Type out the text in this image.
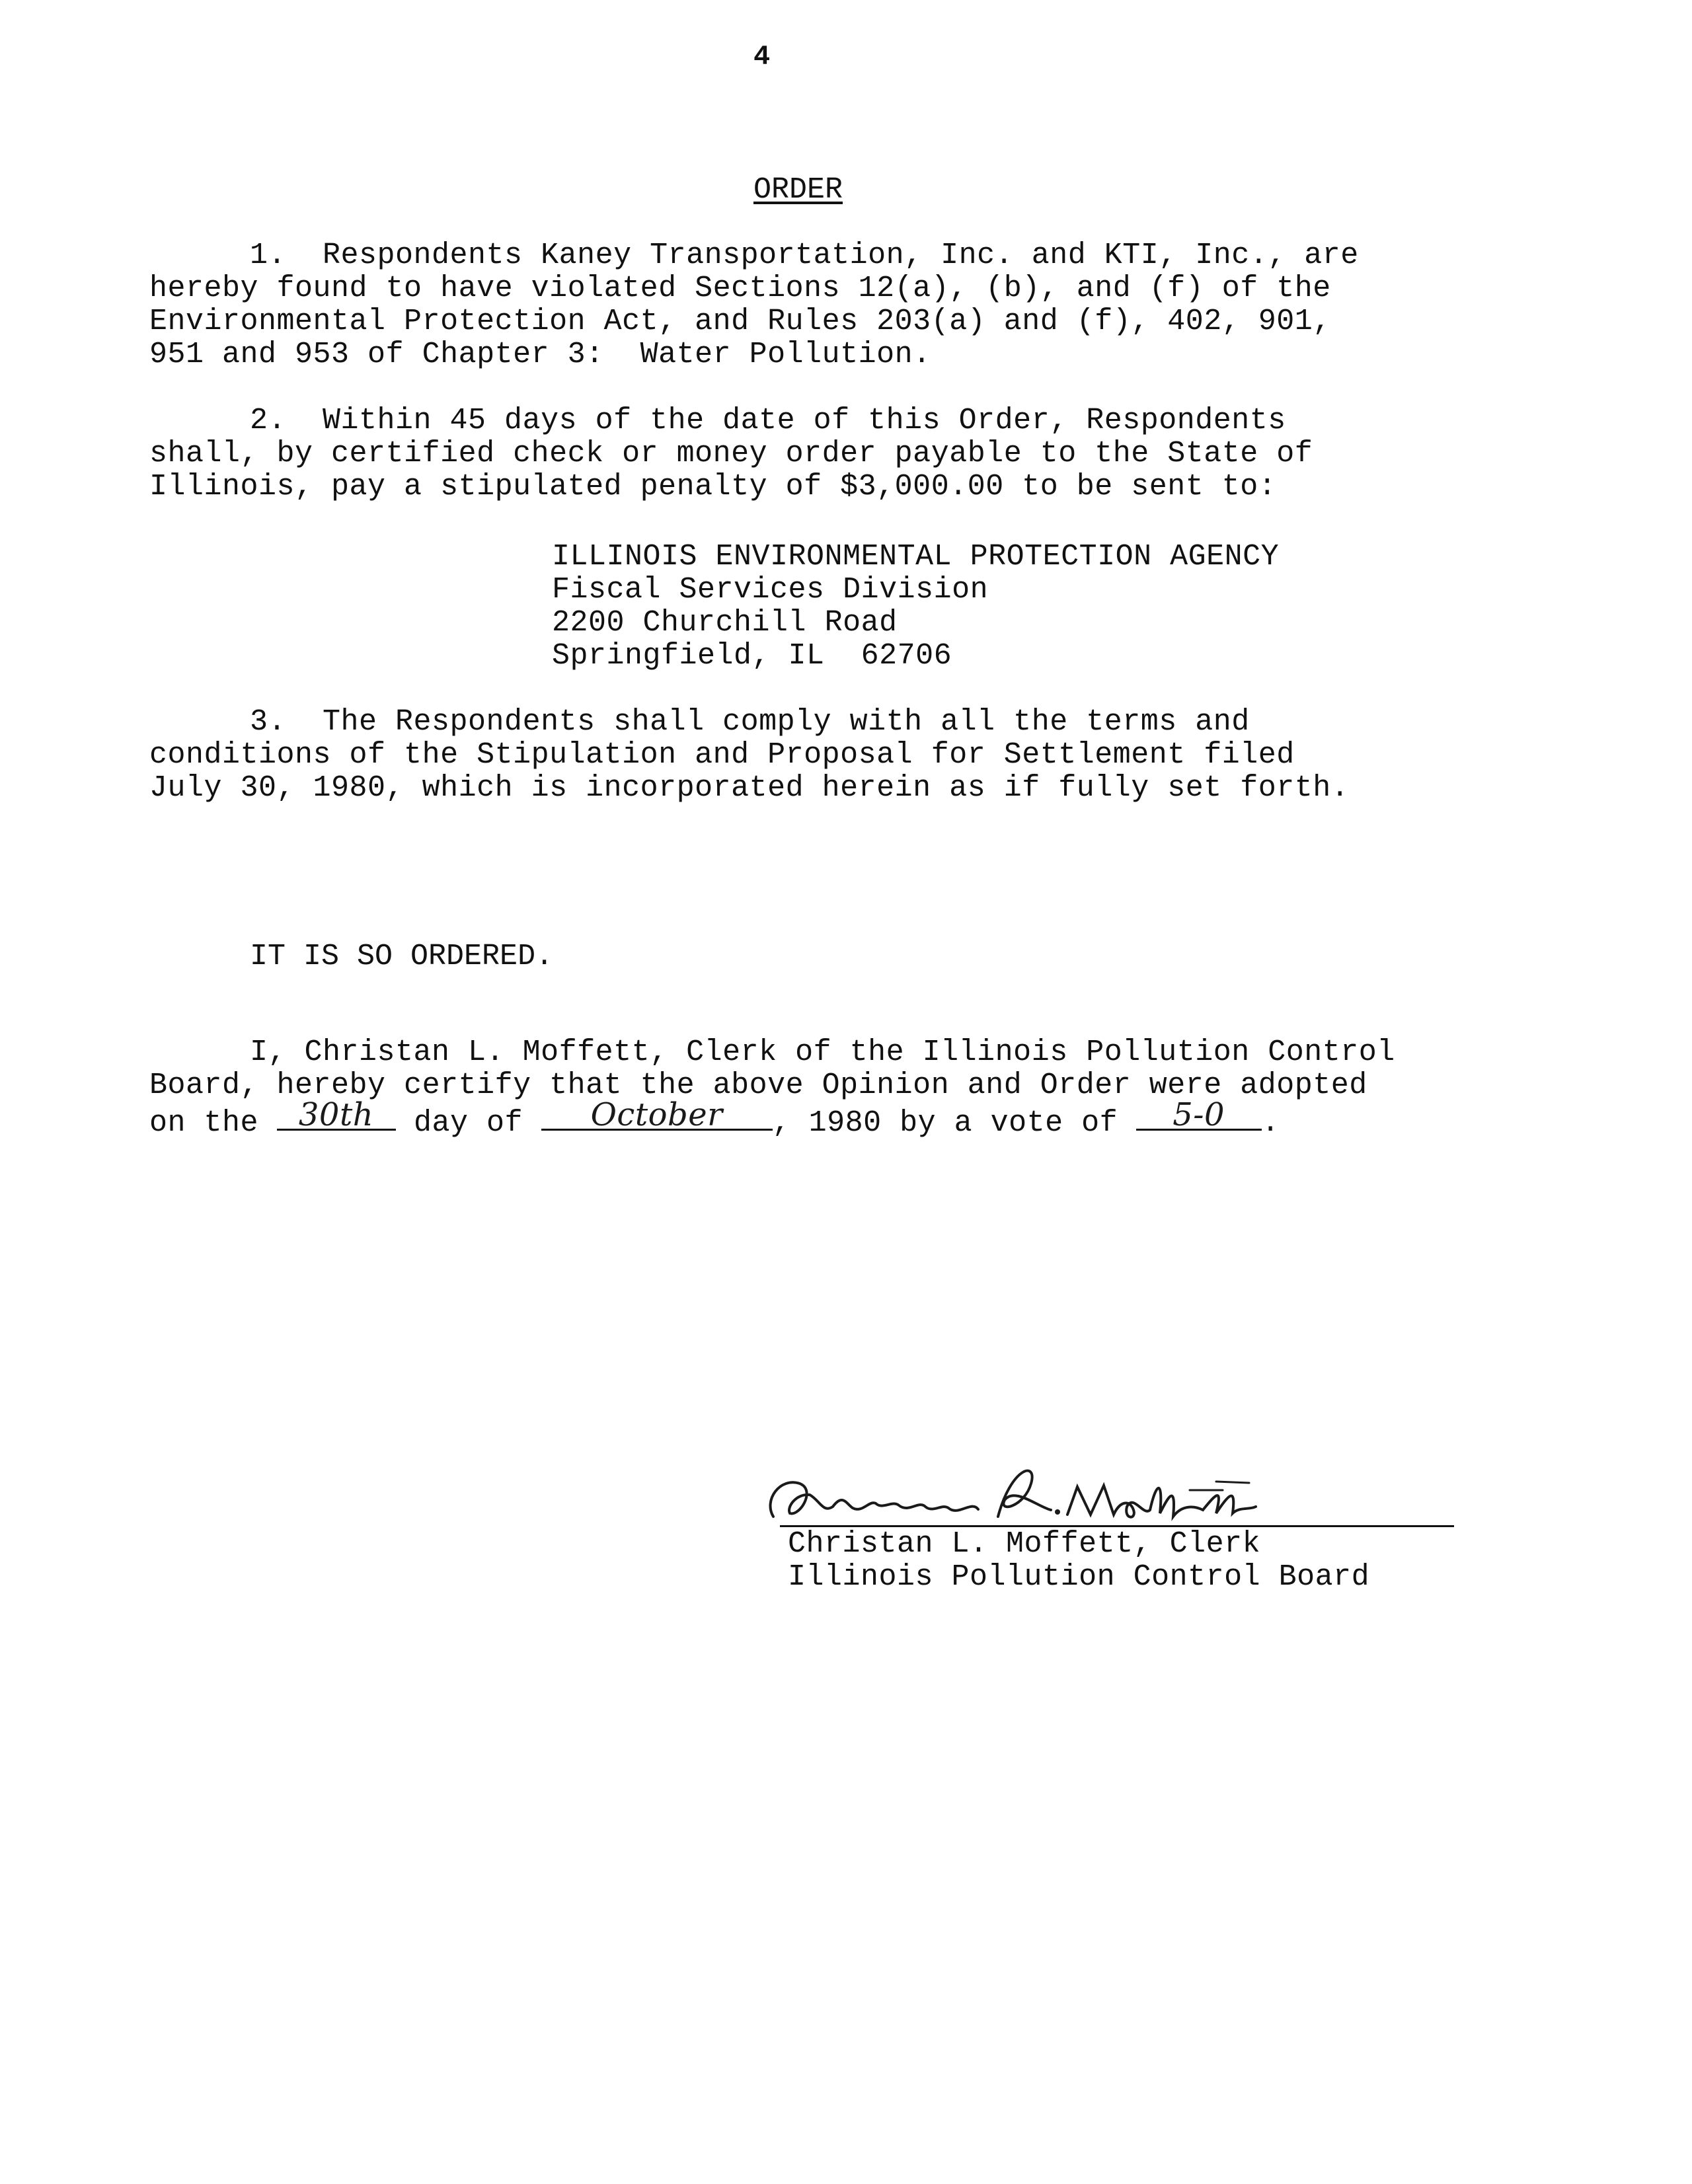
4
ORDER
1.  Respondents Kaney Transportation, Inc. and KTI, Inc., are
hereby found to have violated Sections 12(a), (b), and (f) of the
Environmental Protection Act, and Rules 203(a) and (f), 402, 901,
951 and 953 of Chapter 3:  Water Pollution.
2.  Within 45 days of the date of this Order, Respondents
shall, by certified check or money order payable to the State of
Illinois, pay a stipulated penalty of $3,000.00 to be sent to:
ILLINOIS ENVIRONMENTAL PROTECTION AGENCY
Fiscal Services Division
2200 Churchill Road
Springfield, IL  62706
3.  The Respondents shall comply with all the terms and
conditions of the Stipulation and Proposal for Settlement filed
July 30, 1980, which is incorporated herein as if fully set forth.
IT IS SO ORDERED.
I, Christan L. Moffett, Clerk of the Illinois Pollution Control
Board, hereby certify that the above Opinion and Order were adopted
on the 30th day of	October	, 1980 by a vote of	5-0	.
Christan L. Moffett, Clerk
Illinois Pollution Control Board
